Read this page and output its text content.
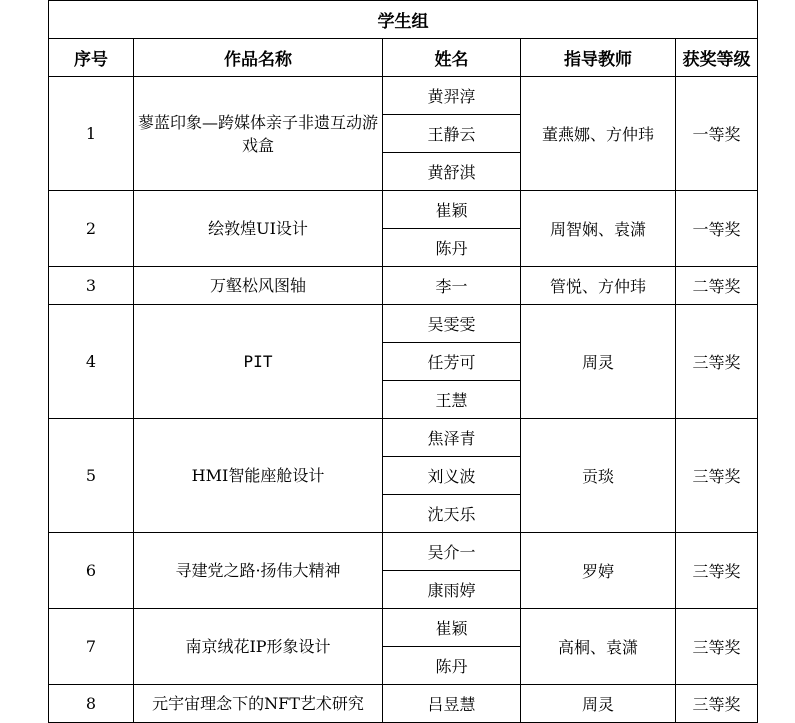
学生组				
序号	作品名称	姓名	指导教师	获奖等级
1	蓼蓝印象—跨媒体亲子非遗互动游戏盒	黄羿淳	董燕娜、方仲玮	一等奖
		王静云		
		黄舒淇		
2	绘敦煌UI设计	崔颖	周智娴、袁潇	一等奖
		陈丹		
3	万壑松风图轴	李一	管悦、方仲玮	二等奖
4	PIT	吴雯雯	周灵	三等奖
		任芳可		
		王慧		
5	HMI智能座舱设计	焦泽青	贡琰	三等奖
		刘义波		
		沈天乐		
6	寻建党之路·扬伟大精神	吴介一	罗婷	三等奖
		康雨婷		
7	南京绒花IP形象设计	崔颖	高桐、袁潇	三等奖
		陈丹		
8	元宇宙理念下的NFT艺术研究	吕昱慧	周灵	三等奖
